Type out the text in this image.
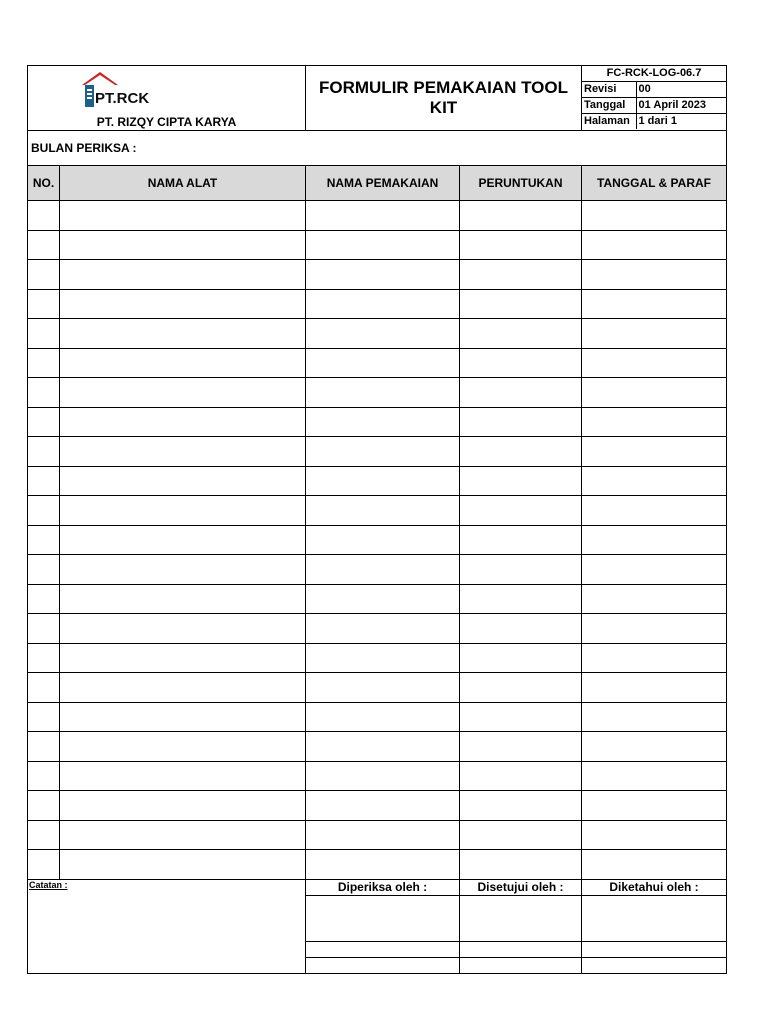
PT.RCK
PT. RIZQY CIPTA KARYA
	FORMULIR PEMAKAIAN TOOL KIT	
FC-RCK-LOG-06.7
Revisi	00
Tanggal	01 April 2023
Halaman	1 dari 1

BULAN PERIKSA :
NO.	NAMA ALAT	NAMA PEMAKAIAN	PERUNTUKAN	TANGGAL & PARAF

Catatan :	Diperiksa oleh :	Disetujui oleh :	Diketahui oleh :
